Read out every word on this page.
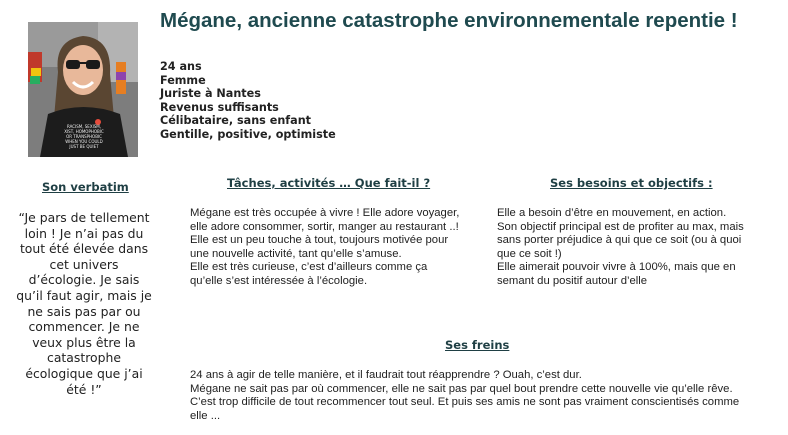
RACISM, SEXISM,
XIST, HOMOPHOBIC
OR TRANSPHOBIC
WHEN YOU COULD
JUST BE QUIET
Mégane, ancienne catastrophe environnementale repentie !
24 ans
Femme
Juriste à Nantes
Revenus suffisants
Célibataire, sans enfant
Gentille, positive, optimiste
Son verbatim
“Je pars de tellement loin ! Je n’ai pas du tout été élevée dans cet univers d’écologie. Je sais qu’il faut agir, mais je ne sais pas par ou commencer. Je ne veux plus être la catastrophe écologique que j’ai été !”
Tâches, activités … Que fait-il ?
Mégane est très occupée à vivre ! Elle adore voyager,
elle adore consommer, sortir, manger au restaurant ..!
Elle est un peu touche à tout, toujours motivée pour
une nouvelle activité, tant qu’elle s’amuse.
Elle est très curieuse, c’est d’ailleurs comme ça
qu’elle s’est intéressée à l’écologie.
Ses besoins et objectifs :
Elle a besoin d’être en mouvement, en action.
Son objectif principal est de profiter au max, mais
sans porter préjudice à qui que ce soit (ou à quoi
que ce soit !)
Elle aimerait pouvoir vivre à 100%, mais que en
semant du positif autour d’elle
Ses freins
24 ans à agir de telle manière, et il faudrait tout réapprendre ? Ouah, c’est dur.
Mégane ne sait pas par où commencer, elle ne sait pas par quel bout prendre cette nouvelle vie qu’elle rêve.
C’est trop difficile de tout recommencer tout seul. Et puis ses amis ne sont pas vraiment conscientisés comme
elle ...
